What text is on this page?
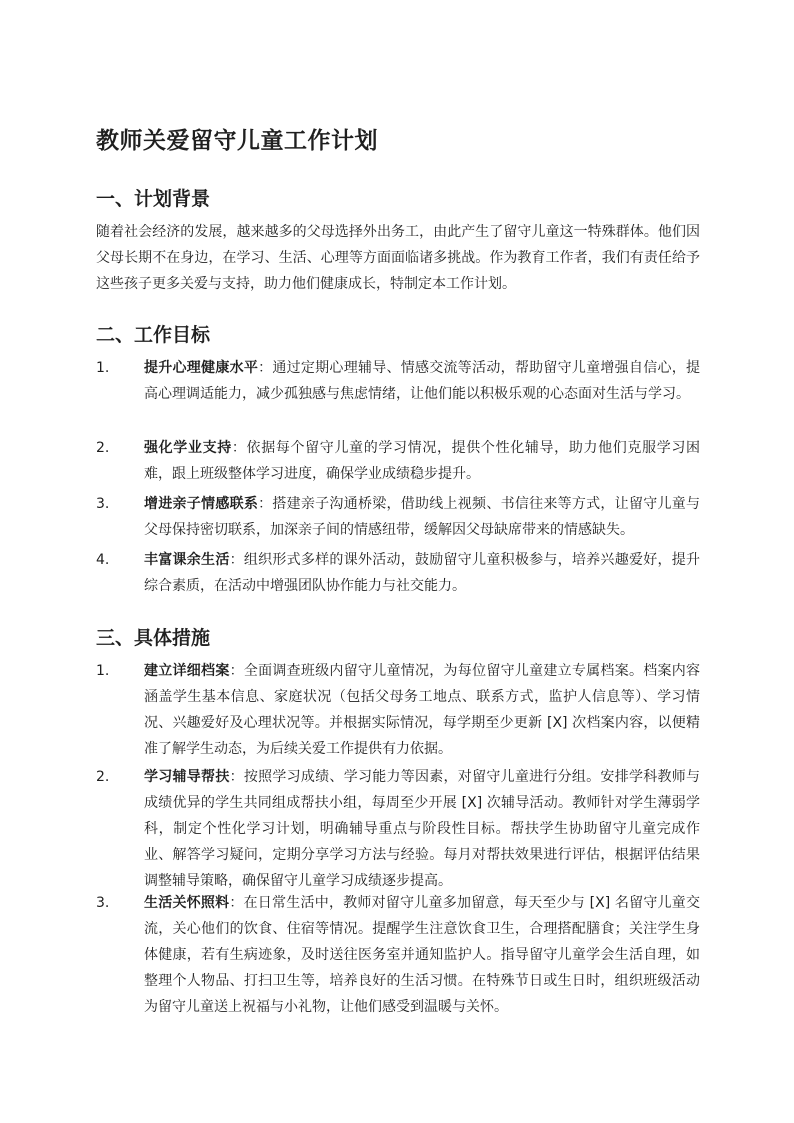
教师关爱留守儿童工作计划
一、计划背景

随着社会经济的发展，越来越多的父母选择外出务工，由此产生了留守儿童这一特殊群体。他们因父母长期不在身边，在学习、生活、心理等方面面临诸多挑战。作为教育工作者，我们有责任给予这些孩子更多关爱与支持，助力他们健康成长，特制定本工作计划。

二、工作目标
1.	提升心理健康水平：通过定期心理辅导、情感交流等活动，帮助留守儿童增强自信心，提高心理调适能力，减少孤独感与焦虑情绪，让他们能以积极乐观的心态面对生活与学习。
2.	强化学业支持：依据每个留守儿童的学习情况，提供个性化辅导，助力他们克服学习困难，跟上班级整体学习进度，确保学业成绩稳步提升。
3.	增进亲子情感联系：搭建亲子沟通桥梁，借助线上视频、书信往来等方式，让留守儿童与父母保持密切联系，加深亲子间的情感纽带，缓解因父母缺席带来的情感缺失。
4.	丰富课余生活：组织形式多样的课外活动，鼓励留守儿童积极参与，培养兴趣爱好，提升综合素质，在活动中增强团队协作能力与社交能力。
三、具体措施
1.	建立详细档案：全面调查班级内留守儿童情况，为每位留守儿童建立专属档案。档案内容涵盖学生基本信息、家庭状况（包括父母务工地点、联系方式，监护人信息等）、学习情况、兴趣爱好及心理状况等。并根据实际情况，每学期至少更新 [X] 次档案内容，以便精准了解学生动态，为后续关爱工作提供有力依据。
2.	学习辅导帮扶：按照学习成绩、学习能力等因素，对留守儿童进行分组。安排学科教师与成绩优异的学生共同组成帮扶小组，每周至少开展 [X] 次辅导活动。教师针对学生薄弱学科，制定个性化学习计划，明确辅导重点与阶段性目标。帮扶学生协助留守儿童完成作业、解答学习疑问，定期分享学习方法与经验。每月对帮扶效果进行评估，根据评估结果调整辅导策略，确保留守儿童学习成绩逐步提高。
3.	生活关怀照料：在日常生活中，教师对留守儿童多加留意，每天至少与 [X] 名留守儿童交流，关心他们的饮食、住宿等情况。提醒学生注意饮食卫生，合理搭配膳食；关注学生身体健康，若有生病迹象，及时送往医务室并通知监护人。指导留守儿童学会生活自理，如整理个人物品、打扫卫生等，培养良好的生活习惯。在特殊节日或生日时，组织班级活动为留守儿童送上祝福与小礼物，让他们感受到温暖与关怀。
